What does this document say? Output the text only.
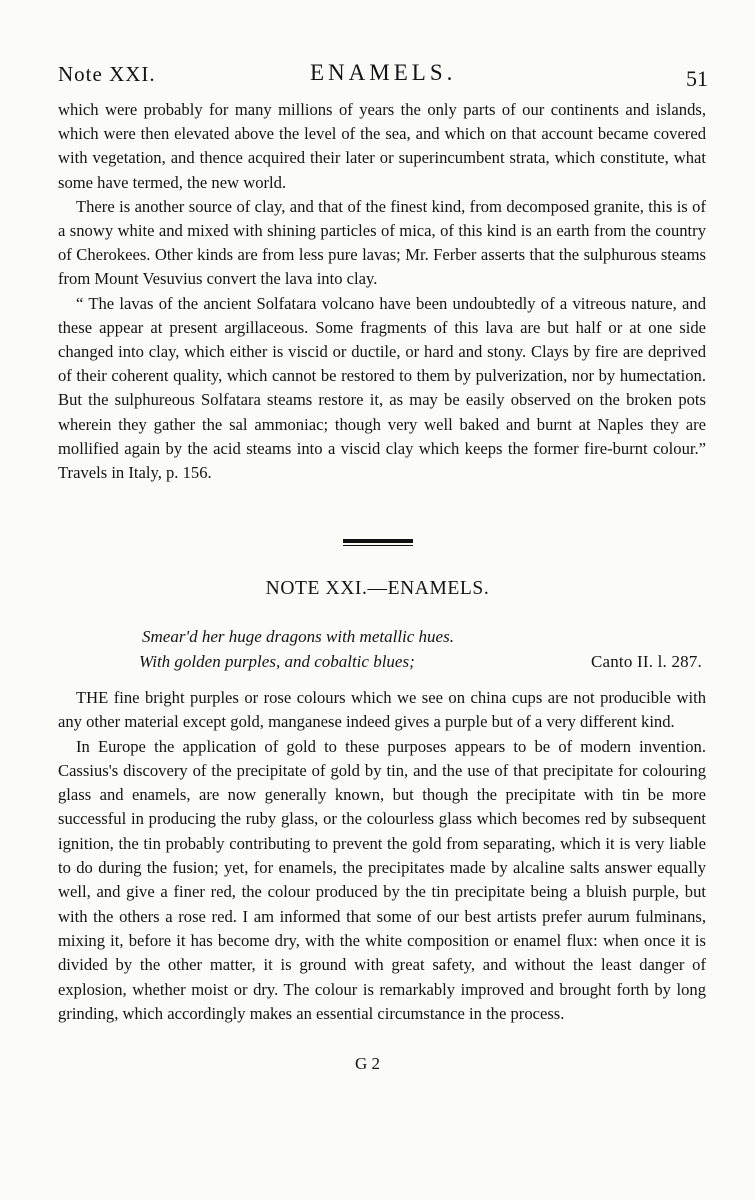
Note XXI.	ENAMELS.	51

which were probably for many millions of years the only parts of our continents and islands, which were then elevated above the level of the sea, and which on that account became covered with vegetation, and thence acquired their later or superincumbent strata, which constitute, what some have termed, the new world.

There is another source of clay, and that of the finest kind, from decomposed granite, this is of a snowy white and mixed with shining particles of mica, of this kind is an earth from the country of Cherokees. Other kinds are from less pure lavas; Mr. Ferber asserts that the sulphurous steams from Mount Vesuvius convert the lava into clay.

“ The lavas of the ancient Solfatara volcano have been undoubtedly of a vitreous nature, and these appear at present argillaceous. Some fragments of this lava are but half or at one side changed into clay, which either is viscid or ductile, or hard and stony. Clays by fire are deprived of their coherent quality, which cannot be restored to them by pulverization, nor by humectation. But the sulphureous Solfatara steams restore it, as may be easily observed on the broken pots wherein they gather the sal ammoniac; though very well baked and burnt at Naples they are mollified again by the acid steams into a viscid clay which keeps the former fire-burnt colour.” Travels in Italy, p. 156.

NOTE XXI.—ENAMELS.
Smear'd her huge dragons with metallic hues.
With golden purples, and cobaltic blues;	Canto II. l. 287.

THE fine bright purples or rose colours which we see on china cups are not producible with any other material except gold, manganese indeed gives a purple but of a very different kind.

In Europe the application of gold to these purposes appears to be of modern invention. Cassius's discovery of the precipitate of gold by tin, and the use of that precipitate for colouring glass and enamels, are now generally known, but though the precipitate with tin be more successful in producing the ruby glass, or the colourless glass which becomes red by subsequent ignition, the tin probably contributing to prevent the gold from separating, which it is very liable to do during the fusion; yet, for enamels, the precipitates made by alcaline salts answer equally well, and give a finer red, the colour produced by the tin precipitate being a bluish purple, but with the others a rose red. I am informed that some of our best artists prefer aurum fulminans, mixing it, before it has become dry, with the white composition or enamel flux: when once it is divided by the other matter, it is ground with great safety, and without the least danger of explosion, whether moist or dry. The colour is remarkably improved and brought forth by long grinding, which accordingly makes an essential circumstance in the process.

G 2
